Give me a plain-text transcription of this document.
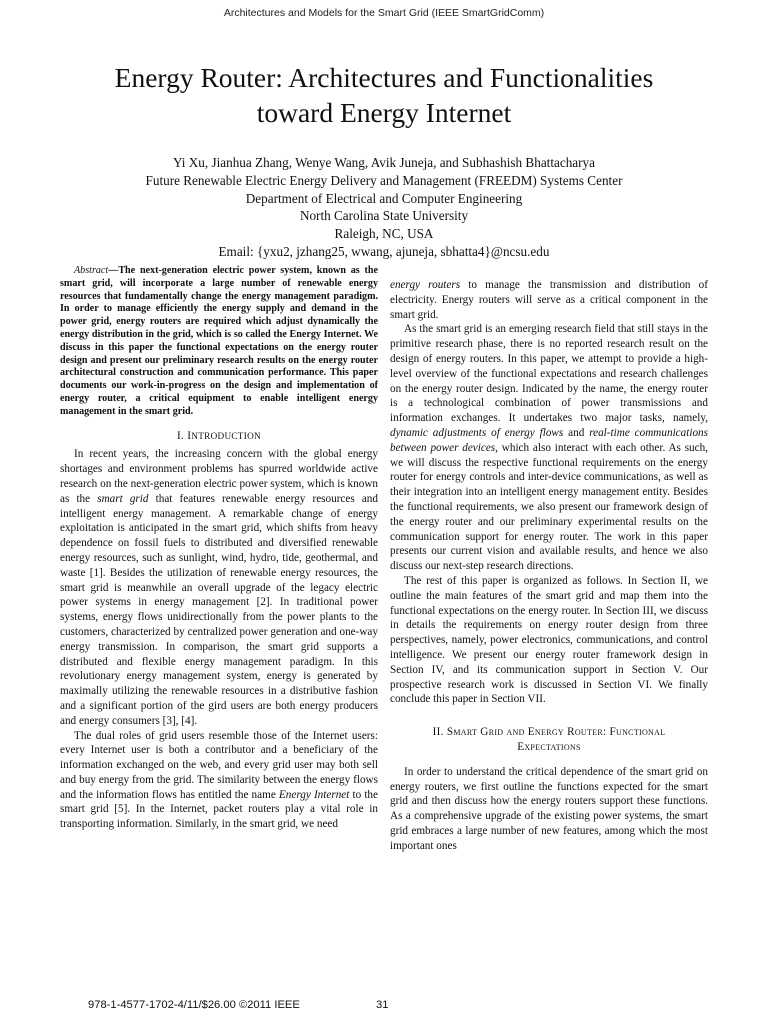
Architectures and Models for the Smart Grid (IEEE SmartGridComm)
Energy Router: Architectures and Functionalities
toward Energy Internet
Yi Xu, Jianhua Zhang, Wenye Wang, Avik Juneja, and Subhashish Bhattacharya
Future Renewable Electric Energy Delivery and Management (FREEDM) Systems Center
Department of Electrical and Computer Engineering
North Carolina State University
Raleigh, NC, USA
Email: {yxu2, jzhang25, wwang, ajuneja, sbhatta4}@ncsu.edu

Abstract—The next-generation electric power system, known as the smart grid, will incorporate a large number of renewable energy resources that fundamentally change the energy management paradigm. In order to manage efficiently the energy supply and demand in the power grid, energy routers are required which adjust dynamically the energy distribution in the grid, which is so called the Energy Internet. We discuss in this paper the functional expectations on the energy router design and present our preliminary research results on the energy router architectural construction and communication performance. This paper documents our work-in-progress on the design and implementation of energy router, a critical equipment to enable intelligent energy management in the smart grid.

I. INTRODUCTION

In recent years, the increasing concern with the global energy shortages and environment problems has spurred worldwide active research on the next-generation electric power system, which is known as the smart grid that features renewable energy resources and intelligent energy management. A remarkable change of energy exploitation is anticipated in the smart grid, which shifts from heavy dependence on fossil fuels to distributed and diversified renewable energy resources, such as sunlight, wind, hydro, tide, geothermal, and waste [1]. Besides the utilization of renewable energy resources, the smart grid is meanwhile an overall upgrade of the legacy electric power systems in energy management [2]. In traditional power systems, energy flows unidirectionally from the power plants to the customers, characterized by centralized power generation and one-way energy transmission. In comparison, the smart grid supports a distributed and flexible energy management paradigm. In this revolutionary energy management system, energy is generated by maximally utilizing the renewable resources in a distributive fashion and a significant portion of the gird users are both energy producers and energy consumers [3], [4].

The dual roles of grid users resemble those of the Internet users: every Internet user is both a contributor and a beneficiary of the information exchanged on the web, and every grid user may both sell and buy energy from the grid. The similarity between the energy flows and the information flows has entitled the name Energy Internet to the smart grid [5]. In the Internet, packet routers play a vital role in transporting information. Similarly, in the smart grid, we need

energy routers to manage the transmission and distribution of electricity. Energy routers will serve as a critical component in the smart grid.

As the smart grid is an emerging research field that still stays in the primitive research phase, there is no reported research result on the design of energy routers. In this paper, we attempt to provide a high-level overview of the functional expectations and research challenges on the energy router design. Indicated by the name, the energy router is a technological combination of power transmissions and information exchanges. It undertakes two major tasks, namely, dynamic adjustments of energy flows and real-time communications between power devices, which also interact with each other. As such, we will discuss the respective functional requirements on the energy router for energy controls and inter-device communications, as well as their integration into an intelligent energy management entity. Besides the functional requirements, we also present our framework design of the energy router and our preliminary experimental results on the communication support for energy router. The work in this paper presents our current vision and available results, and hence we also discuss our next-step research directions.

The rest of this paper is organized as follows. In Section II, we outline the main features of the smart grid and map them into the functional expectations on the energy router. In Section III, we discuss in details the requirements on energy router design from three perspectives, namely, power electronics, communications, and control intelligence. We present our energy router framework design in Section IV, and its communication support in Section V. Our prospective research work is discussed in Section VI. We finally conclude this paper in Section VII.

II. Smart Grid and Energy Router: Functional
Expectations

In order to understand the critical dependence of the smart grid on energy routers, we first outline the functions expected for the smart grid and then discuss how the energy routers support these functions. As a comprehensive upgrade of the existing power systems, the smart grid embraces a large number of new features, among which the most important ones

978-1-4577-1702-4/11/$26.00 ©2011 IEEE	31
